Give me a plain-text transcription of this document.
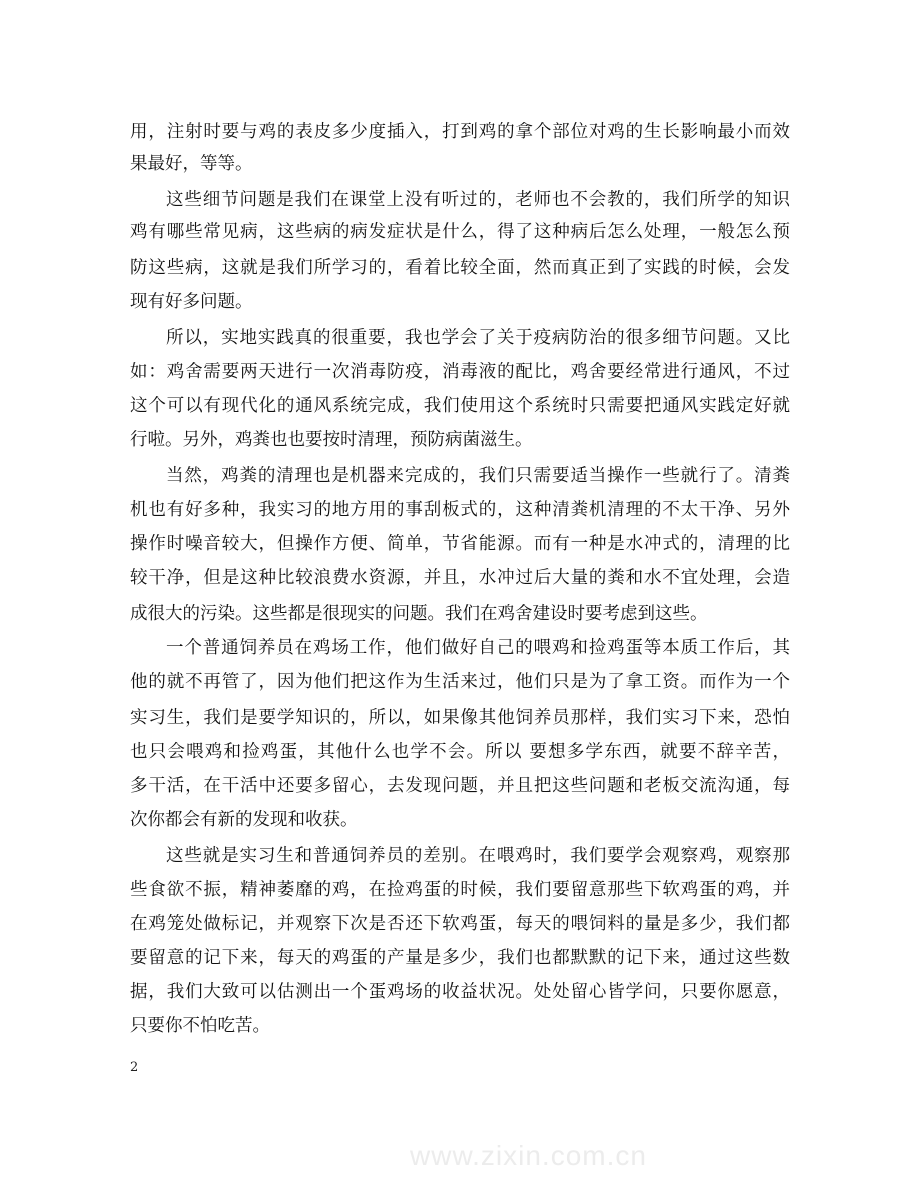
用，注射时要与鸡的表皮多少度插入，打到鸡的拿个部位对鸡的生长影响最小而效
果最好，等等。
这些细节问题是我们在课堂上没有听过的，老师也不会教的，我们所学的知识
鸡有哪些常见病，这些病的病发症状是什么，得了这种病后怎么处理，一般怎么预
防这些病，这就是我们所学习的，看着比较全面，然而真正到了实践的时候，会发
现有好多问题。
所以，实地实践真的很重要，我也学会了关于疫病防治的很多细节问题。又比
如：鸡舍需要两天进行一次消毒防疫，消毒液的配比，鸡舍要经常进行通风，不过
这个可以有现代化的通风系统完成，我们使用这个系统时只需要把通风实践定好就
行啦。另外，鸡粪也也要按时清理，预防病菌滋生。
当然，鸡粪的清理也是机器来完成的，我们只需要适当操作一些就行了。清粪
机也有好多种，我实习的地方用的事刮板式的，这种清粪机清理的不太干净、另外
操作时噪音较大，但操作方便、简单，节省能源。而有一种是水冲式的，清理的比
较干净，但是这种比较浪费水资源，并且，水冲过后大量的粪和水不宜处理，会造
成很大的污染。这些都是很现实的问题。我们在鸡舍建设时要考虑到这些。
一个普通饲养员在鸡场工作，他们做好自己的喂鸡和捡鸡蛋等本质工作后，其
他的就不再管了，因为他们把这作为生活来过，他们只是为了拿工资。而作为一个
实习生，我们是要学知识的，所以，如果像其他饲养员那样，我们实习下来，恐怕
也只会喂鸡和捡鸡蛋，其他什么也学不会。所以 要想多学东西，就要不辞辛苦，
多干活，在干活中还要多留心，去发现问题，并且把这些问题和老板交流沟通，每
次你都会有新的发现和收获。
这些就是实习生和普通饲养员的差别。在喂鸡时，我们要学会观察鸡，观察那
些食欲不振，精神萎靡的鸡，在捡鸡蛋的时候，我们要留意那些下软鸡蛋的鸡，并
在鸡笼处做标记，并观察下次是否还下软鸡蛋，每天的喂饲料的量是多少，我们都
要留意的记下来，每天的鸡蛋的产量是多少，我们也都默默的记下来，通过这些数
据，我们大致可以估测出一个蛋鸡场的收益状况。处处留心皆学问，只要你愿意，
只要你不怕吃苦。
2
www.zixin.com.cn
